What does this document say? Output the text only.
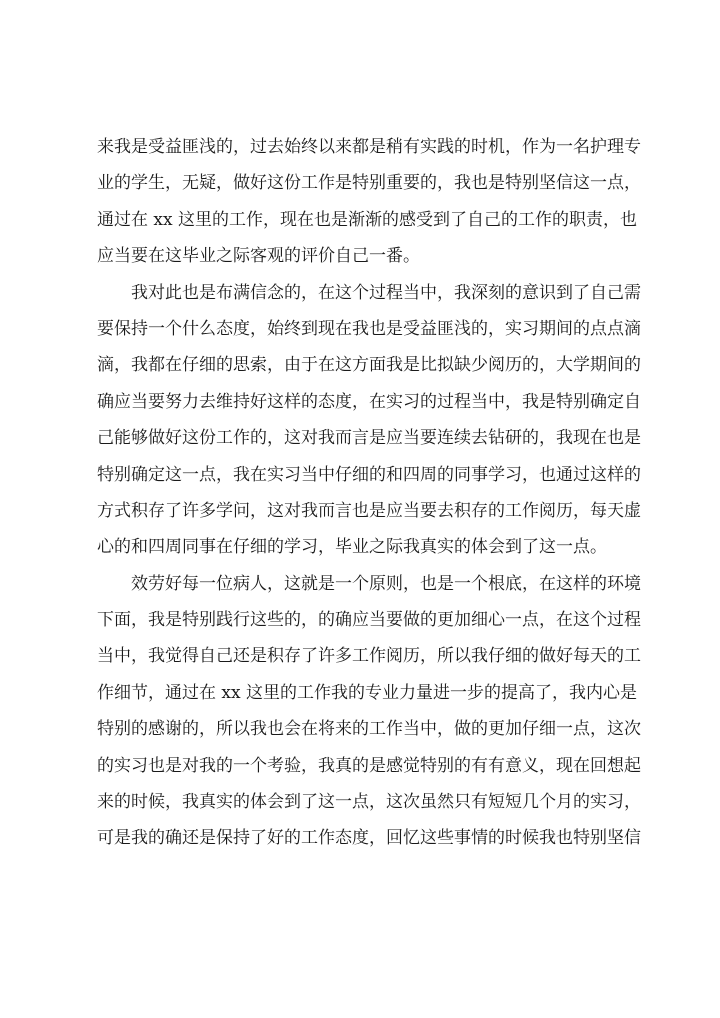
来我是受益匪浅的，过去始终以来都是稍有实践的时机，作为一名护理专
业的学生，无疑，做好这份工作是特别重要的，我也是特别坚信这一点，
通过在 xx 这里的工作，现在也是渐渐的感受到了自己的工作的职责，也
应当要在这毕业之际客观的评价自己一番。
我对此也是布满信念的，在这个过程当中，我深刻的意识到了自己需
要保持一个什么态度，始终到现在我也是受益匪浅的，实习期间的点点滴
滴，我都在仔细的思索，由于在这方面我是比拟缺少阅历的，大学期间的
确应当要努力去维持好这样的态度，在实习的过程当中，我是特别确定自
己能够做好这份工作的，这对我而言是应当要连续去钻研的，我现在也是
特别确定这一点，我在实习当中仔细的和四周的同事学习，也通过这样的
方式积存了许多学问，这对我而言也是应当要去积存的工作阅历，每天虚
心的和四周同事在仔细的学习，毕业之际我真实的体会到了这一点。
效劳好每一位病人，这就是一个原则，也是一个根底，在这样的环境
下面，我是特别践行这些的，的确应当要做的更加细心一点，在这个过程
当中，我觉得自己还是积存了许多工作阅历，所以我仔细的做好每天的工
作细节，通过在 xx 这里的工作我的专业力量进一步的提高了，我内心是
特别的感谢的，所以我也会在将来的工作当中，做的更加仔细一点，这次
的实习也是对我的一个考验，我真的是感觉特别的有有意义，现在回想起
来的时候，我真实的体会到了这一点，这次虽然只有短短几个月的实习，
可是我的确还是保持了好的工作态度，回忆这些事情的时候我也特别坚信
